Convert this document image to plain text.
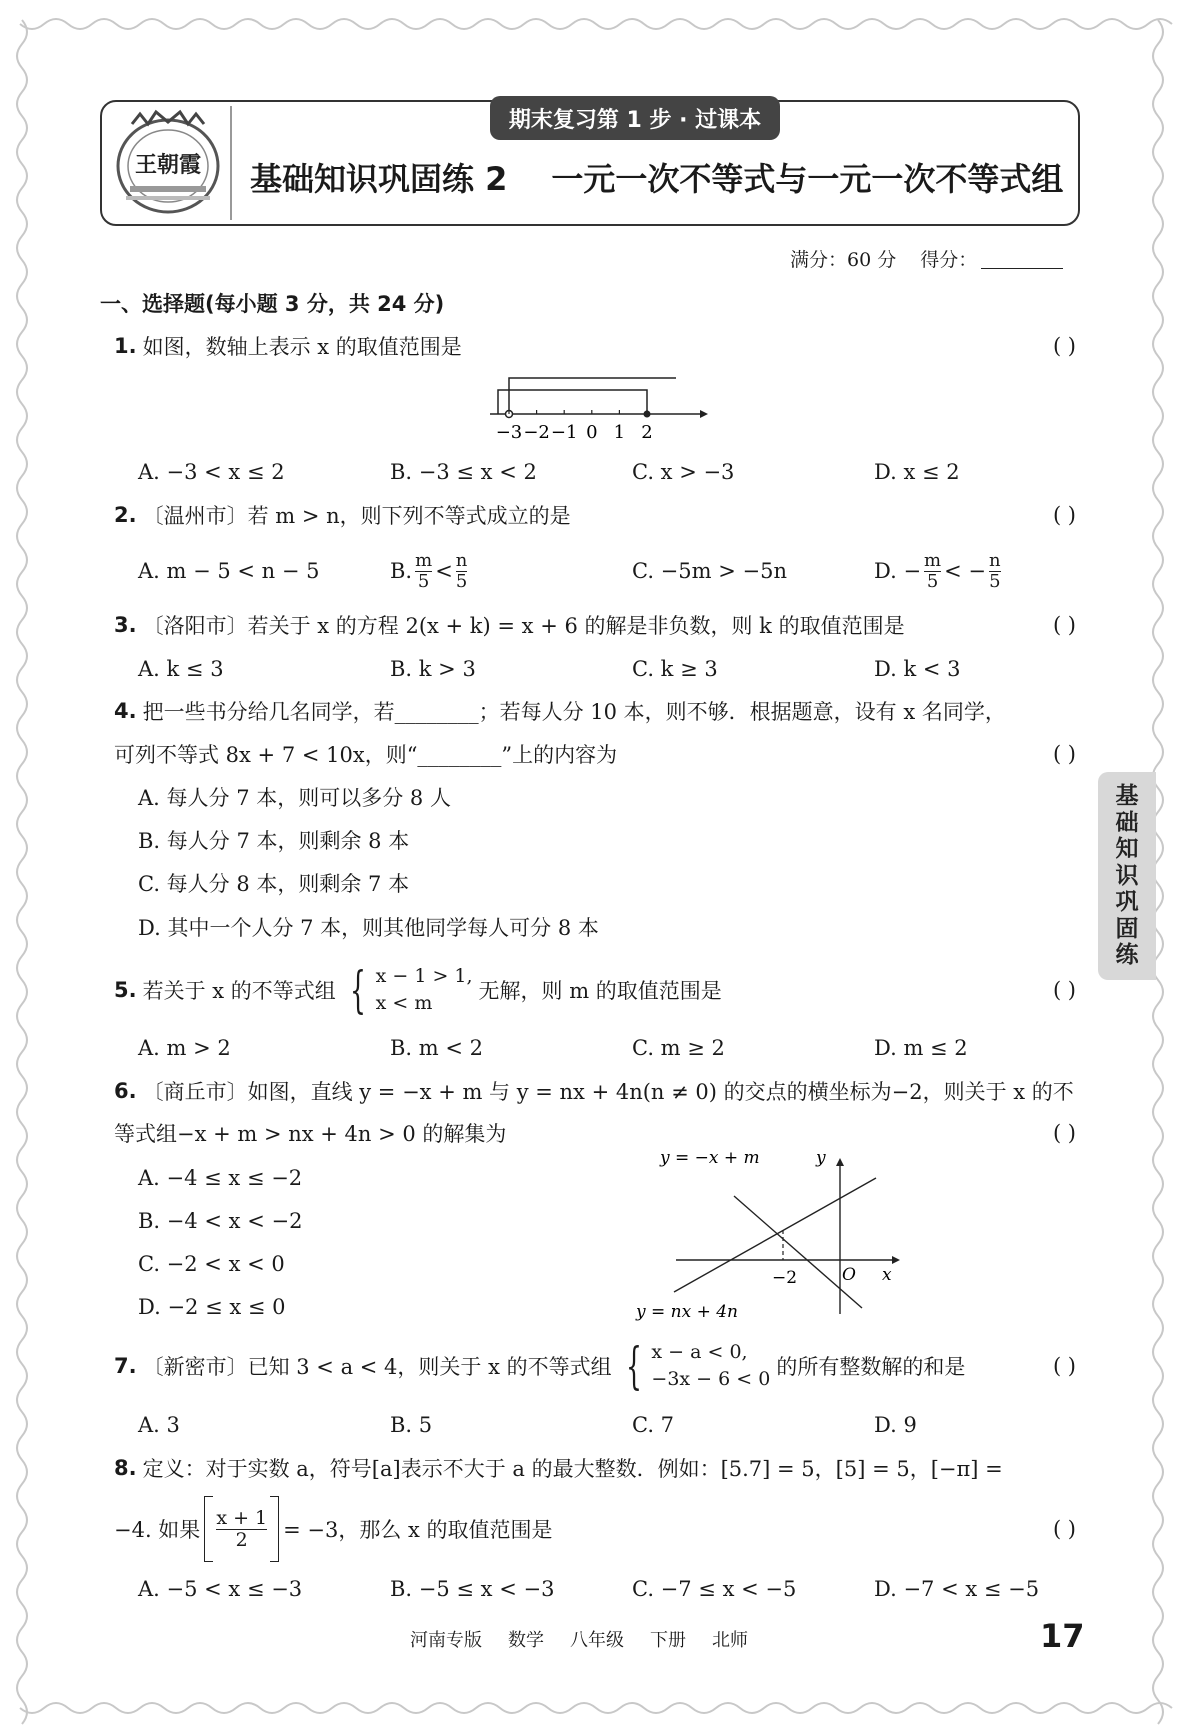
王朝霞
期末复习第 1 步 · 过课本
基础知识巩固练 2 一元一次不等式与一元一次不等式组
满分：60 分 得分：
一、选择题(每小题 3 分，共 24 分)
1. 如图，数轴上表示 x 的取值范围是	( )
−3 −2 −1 0 1 2
A. −3 < x ≤ 2	B. −3 ≤ x < 2	C. x > −3	D. x ≤ 2
2. 〔温州市〕若 m > n，则下列不等式成立的是	( )
A. m − 5 < n − 5	B. $\frac{m}{5} < \frac{n}{5}$	C. −5m > −5n	D. − $\frac{m}{5}$ < − $\frac{n}{5}$
3. 〔洛阳市〕若关于 x 的方程 2(x + k) = x + 6 的解是非负数，则 k 的取值范围是	( )
A. k ≤ 3	B. k > 3	C. k ≥ 3	D. k < 3
4. 把一些书分给几名同学，若________；若每人分 10 本，则不够．根据题意，设有 x 名同学，
可列不等式 8x + 7 < 10x，则“________”上的内容为	( )
A. 每人分 7 本，则可以多分 8 人
B. 每人分 7 本，则剩余 8 本
C. 每人分 8 本，则剩余 7 本
D. 其中一个人分 7 本，则其他同学每人可分 8 本
5. 若关于 x 的不等式组 { x − 1 > 1,
x < m	无解，则 m 的取值范围是	( )
A. m > 2	B. m < 2	C. m ≥ 2	D. m ≤ 2
6. 〔商丘市〕如图，直线 y = −x + m 与 y = nx + 4n(n ≠ 0) 的交点的横坐标为−2，则关于 x 的不
等式组−x + m > nx + 4n > 0 的解集为	( )
y = −x + m	y
−2	O x
y = nx + 4n
A. −4 ≤ x ≤ −2
B. −4 < x < −2
C. −2 < x < 0
D. −2 ≤ x ≤ 0
7. 〔新密市〕已知 3 < a < 4，则关于 x 的不等式组 { x − a < 0,
−3x − 6 < 0 的所有整数解的和是	( )
A. 3	B. 5	C. 7	D. 9
8. 定义：对于实数 a，符号[a]表示不大于 a 的最大整数．例如：[5.7] = 5，[5] = 5，[−π] =
−4. 如果 $\frac{x + 1}{2} = -3$，那么 x 的取值范围是	( )
A. −5 < x ≤ −3	B. −5 ≤ x < −3	C. −7 ≤ x < −5	D. −7 < x ≤ −5
基
础
知
识
巩
固
练
河南专版 数学 八年级 下册 北师	17
